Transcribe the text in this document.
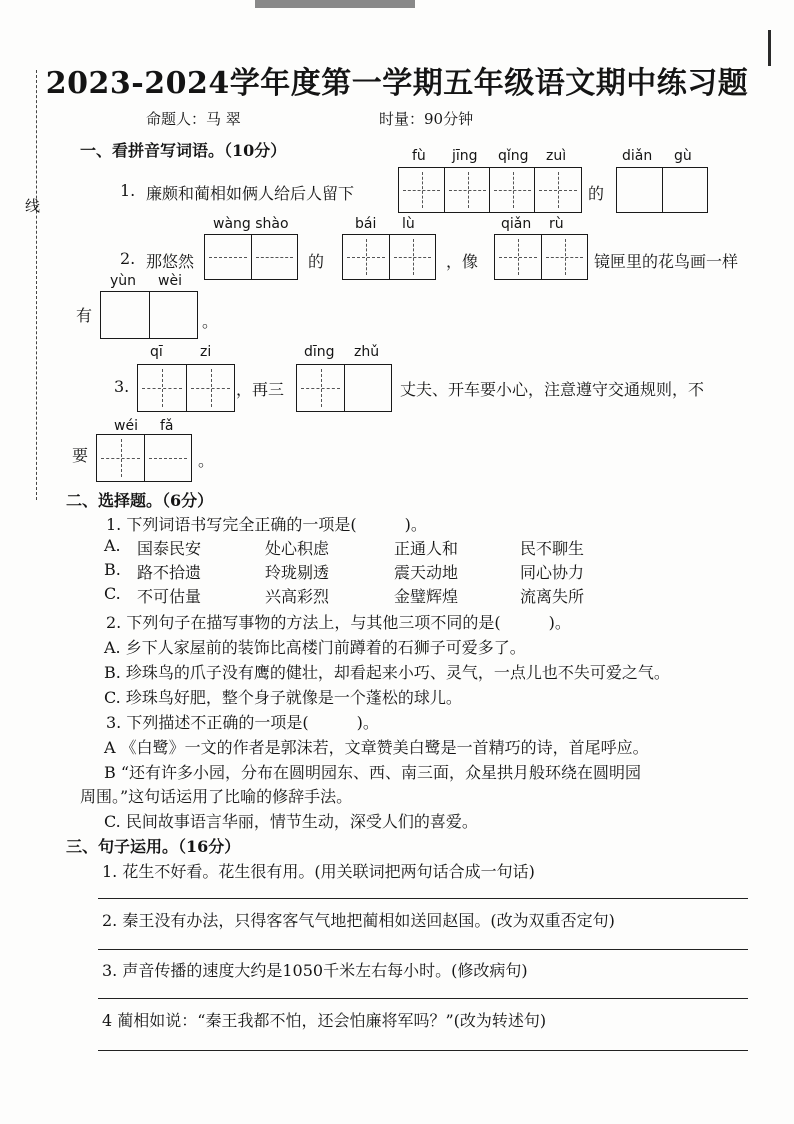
线
2023-2024学年度第一学期五年级语文期中练习题
命题人：马 翠	时量：90分钟
一、看拼音写词语。（10分）	fù jīng qǐng zuì	diǎn gù
1. 廉颇和蔺相如俩人给后人留下	的
wàng shào	bái lù	qiǎn rù
2. 那悠然	的	，像	镜匣里的花鸟画一样
yùn wèi
有	。
qī	zi	dīng zhǔ
3.	，再三	丈夫、开车要小心，注意遵守交通规则，不
wéi fǎ
要	。
二、选择题。（6分）
1. 下列词语书写完全正确的一项是(　　　)。
A. 国泰民安	处心积虑	正通人和	民不聊生
B. 路不拾遗	玲珑剔透	震天动地	同心协力
C. 不可估量	兴高彩烈	金璧辉煌	流离失所
2. 下列句子在描写事物的方法上，与其他三项不同的是(　　　)。
A. 乡下人家屋前的装饰比高楼门前蹲着的石狮子可爱多了。
B. 珍珠鸟的爪子没有鹰的健壮，却看起来小巧、灵气，一点儿也不失可爱之气。
C. 珍珠鸟好肥，整个身子就像是一个蓬松的球儿。
3. 下列描述不正确的一项是(　　　)。
A 《白鹭》一文的作者是郭沫若，文章赞美白鹭是一首精巧的诗，首尾呼应。
B “还有许多小园，分布在圆明园东、西、南三面，众星拱月般环绕在圆明园
周围。”这句话运用了比喻的修辞手法。
C. 民间故事语言华丽，情节生动，深受人们的喜爱。
三、句子运用。（16分）
1. 花生不好看。花生很有用。(用关联词把两句话合成一句话)
2. 秦王没有办法，只得客客气气地把蔺相如送回赵国。(改为双重否定句)
3. 声音传播的速度大约是1050千米左右每小时。(修改病句)
4 蔺相如说：“秦王我都不怕，还会怕廉将军吗？”(改为转述句)
